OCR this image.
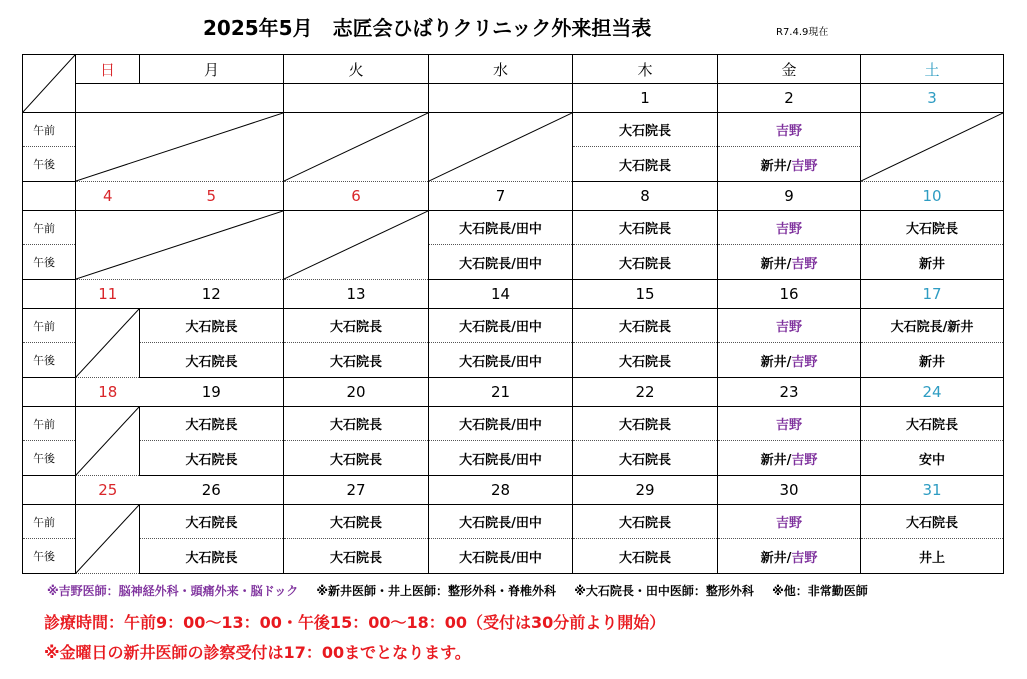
2025年5月　志匠会ひばりクリニック外来担当表	R7.4.9現在
	日	月	火	水	木	金	土
					1	2	3
午前					大石院長	吉野	

午後					大石院長	新井/吉野	
	4	5	6	7	8	9	10
午前				大石院長/田中	大石院長	吉野	大石院長
午後				大石院長/田中	大石院長	新井/吉野	新井
	11	12	13	14	15	16	17
午前		大石院長	大石院長	大石院長/田中	大石院長	吉野	大石院長/新井
午後		大石院長	大石院長	大石院長/田中	大石院長	新井/吉野	新井
	18	19	20	21	22	23	24
午前		大石院長	大石院長	大石院長/田中	大石院長	吉野	大石院長
午後		大石院長	大石院長	大石院長/田中	大石院長	新井/吉野	安中
	25	26	27	28	29	30	31
午前		大石院長	大石院長	大石院長/田中	大石院長	吉野	大石院長
午後		大石院長	大石院長	大石院長/田中	大石院長	新井/吉野	井上
※吉野医師：脳神経外科・頭痛外来・脳ドック ※新井医師・井上医師：整形外科・脊椎外科 ※大石院長・田中医師：整形外科 ※他：非常勤医師
診療時間：午前9：00〜13：00・午後15：00〜18：00（受付は30分前より開始）
※金曜日の新井医師の診察受付は17：00までとなります。
